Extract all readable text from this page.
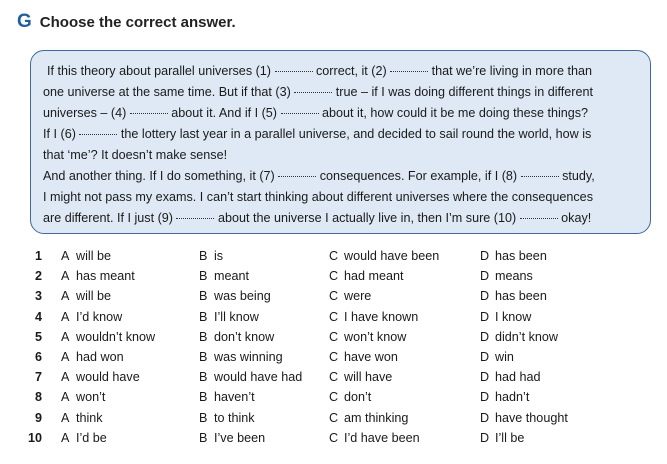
G Choose the correct answer.
If this theory about parallel universes (1)	correct, it (2)	that we’re living in more than
one universe at the same time. But if that (3)	true – if I was doing different things in different
universes – (4)	about it. And if I (5)	about it, how could it be me doing these things?
If I (6)	the lottery last year in a parallel universe, and decided to sail round the world, how is
that ‘me’? It doesn’t make sense!
And another thing. If I do something, it (7)	consequences. For example, if I (8)	study,
I might not pass my exams. I can’t start thinking about different universes where the consequences
are different. If I just (9)	about the universe I actually live in, then I’m sure (10)	okay!
1 A will be	B is	C would have been	D has been
2 A has meant	B meant	C had meant	D means
3 A will be	B was being	C were	D has been
4 A I’d know	B I’ll know	C I have known	D I know
5 A wouldn’t know	B don’t know	C won’t know	D didn’t know
6 A had won	B was winning	C have won	D win
7 A would have	B would have had C will have	D had had
8 A won’t	B haven’t	C don’t	D hadn’t
9 A think	B to think	C am thinking	D have thought
10 A I’d be	B I’ve been	C I’d have been	D I’ll be
